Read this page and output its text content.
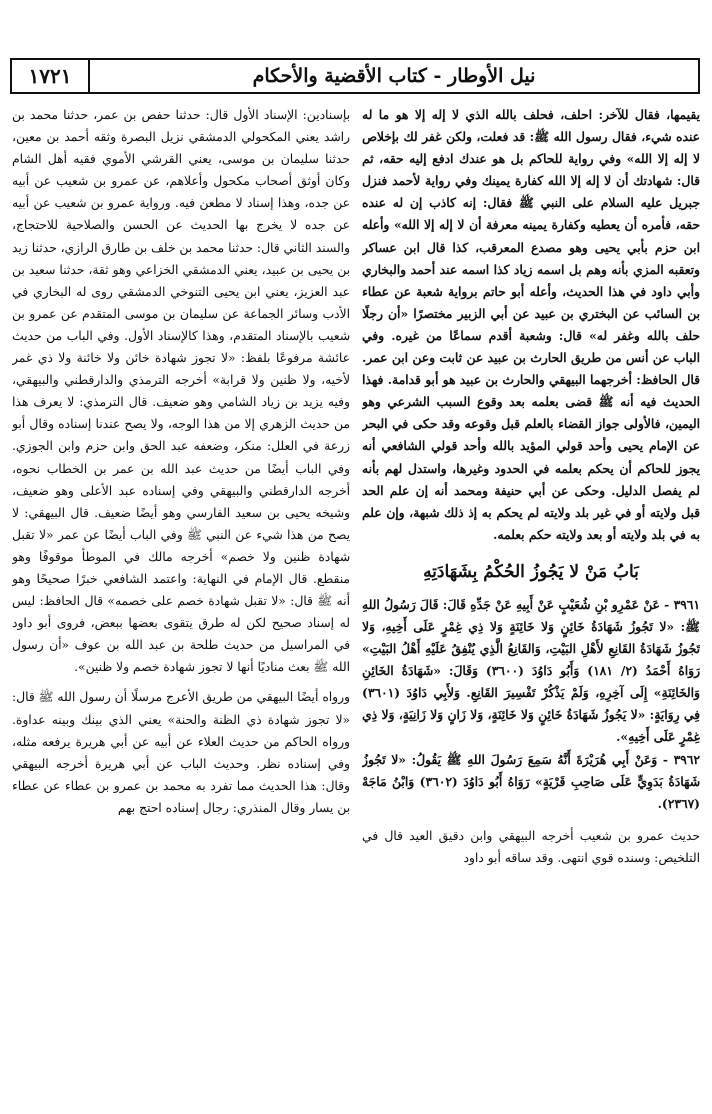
١٧٢١	نيل الأوطار - كتاب الأقضية والأحكام

يقيمها، فقال للآخر: احلف، فحلف بالله الذي لا إله إلا هو ما له عنده شيء، فقال رسول الله ﷺ: قد فعلت، ولكن غفر لك بإخلاص لا إله إلا الله» وفي رواية للحاكم بل هو عندك ادفع إليه حقه، ثم قال: شهادتك أن لا إله إلا الله كفارة يمينك وفي رواية لأحمد فنزل جبريل عليه السلام على النبي ﷺ فقال: إنه كاذب إن له عنده حقه، فأمره أن يعطيه وكفارة يمينه معرفة أن لا إله إلا الله» وأعله ابن حزم بأبي يحيى وهو مصدع المعرقب، كذا قال ابن عساكر وتعقبه المزي بأنه وهم بل اسمه زياد كذا اسمه عند أحمد والبخاري وأبي داود في هذا الحديث، وأعله أبو حاتم برواية شعبة عن عطاء بن السائب عن البختري بن عبيد عن أبي الزبير مختصرًا «أن رجلًا حلف بالله وغفر له» قال: وشعبة أقدم سماعًا من غيره. وفي الباب عن أنس من طريق الحارث بن عبيد عن ثابت وعن ابن عمر. قال الحافظ: أخرجهما البيهقي والحارث بن عبيد هو أبو قدامة. فهذا الحديث فيه أنه ﷺ قضى بعلمه بعد وقوع السبب الشرعي وهو اليمين، فالأولى جواز القضاء بالعلم قبل وقوعه وقد حكى في البحر عن الإمام يحيى وأحد قولي المؤيد بالله وأحد قولي الشافعي أنه يجوز للحاكم أن يحكم بعلمه في الحدود وغيرها، واستدل لهم بأنه لم يفصل الدليل. وحكى عن أبي حنيفة ومحمد أنه إن علم الحد قبل ولايته أو في غير بلد ولايته لم يحكم به إذ ذلك شبهة، وإن علم به في بلد ولايته أو بعد ولايته حكم بعلمه.

بَابُ مَنْ لا يَجُوزُ الحُكْمُ بِشَهَادَتِهِ

٣٩٦١ - عَنْ عَمْرِو بْنِ شُعَيْبٍ عَنْ أَبِيهِ عَنْ جَدِّهِ قَالَ: قَالَ رَسُولُ اللهِ ﷺ: «لا تَجُوزُ شَهَادَةُ خَائِنٍ وَلا خَائِنَةٍ وَلا ذِي غِمْرٍ عَلَى أَخِيهِ، وَلا تَجُوزُ شَهَادَةُ القَانِعِ لأَهْلِ البَيْتِ، وَالقَانِعُ الَّذِي يُنْفِقُ عَلَيْهِ أَهْلُ البَيْتِ» رَوَاهُ أَحْمَدُ (٢/ ١٨١) وَأَبُو دَاوُدَ (٣٦٠٠) وَقَالَ: «شَهَادَةُ الخَائِنِ وَالخَائِنَةِ» إِلَى آخِرِهِ، وَلَمْ يَذْكُرْ تَفْسِيرَ القَانِعِ. وَلأَبِي دَاوُدَ (٣٦٠١) فِي رِوَايَةٍ: «لا يَجُوزُ شَهَادَةُ خَائِنٍ وَلا خَائِنَةٍ، وَلا زَانٍ وَلا زَانِيَةٍ، وَلا ذِي غِمْرٍ عَلَى أَخِيهِ».

٣٩٦٢ - وَعَنْ أَبِي هُرَيْرَةَ أَنَّهُ سَمِعَ رَسُولَ اللهِ ﷺ يَقُولُ: «لا تَجُوزُ شَهَادَةُ بَدَوِيٍّ عَلَى صَاحِبِ قَرْيَةٍ» رَوَاهُ أَبُو دَاوُدَ (٣٦٠٢) وَابْنُ مَاجَهْ (٢٣٦٧).

حديث عمرو بن شعيب أخرجه البيهقي وابن دقيق العيد قال في التلخيص: وسنده قوي انتهى. وقد ساقه أبو داود

بإسنادين: الإسناد الأول قال: حدثنا حفص بن عمر، حدثنا محمد بن راشد يعني المكحولي الدمشقي نزيل البصرة وثقه أحمد بن معين، حدثنا سليمان بن موسى، يعني القرشي الأموي فقيه أهل الشام وكان أوثق أصحاب مكحول وأعلاهم، عن عمرو بن شعيب عن أبيه عن جده، وهذا إسناد لا مطعن فيه. ورواية عمرو بن شعيب عن أبيه عن جده لا يخرج بها الحديث عن الحسن والصلاحية للاحتجاج، والسند الثاني قال: حدثنا محمد بن خلف بن طارق الرازي، حدثنا زيد بن يحيى بن عبيد، يعني الدمشقي الخزاعي وهو ثقة، حدثنا سعيد بن عبد العزيز، يعني ابن يحيى التنوخي الدمشقي روى له البخاري في الأدب وسائر الجماعة عن سليمان بن موسى المتقدم عن عمرو بن شعيب بالإسناد المتقدم، وهذا كالإسناد الأول. وفي الباب من حديث عائشة مرفوعًا بلفظ: «لا تجوز شهادة خائن ولا خائنة ولا ذي غمر لأخيه، ولا ظنين ولا قرابة» أخرجه الترمذي والدارقطني والبيهقي، وفيه يزيد بن زياد الشامي وهو ضعيف. قال الترمذي: لا يعرف هذا من حديث الزهري إلا من هذا الوجه، ولا يصح عندنا إسناده وقال أبو زرعة في العلل: منكر، وضعفه عبد الحق وابن حزم وابن الجوزي. وفي الباب أيضًا من حديث عبد الله بن عمر بن الخطاب نحوه، أخرجه الدارقطني والبيهقي وفي إسناده عبد الأعلى وهو ضعيف، وشيخه يحيى بن سعيد الفارسي وهو أيضًا ضعيف. قال البيهقي: لا يصح من هذا شيء عن النبي ﷺ وفي الباب أيضًا عن عمر «لا تقبل شهادة ظنين ولا خصم» أخرجه مالك في الموطأ موقوفًا وهو منقطع. قال الإمام في النهاية: واعتمد الشافعي خبرًا صحيحًا وهو أنه ﷺ قال: «لا تقبل شهادة خصم على خصمه» قال الحافظ: ليس له إسناد صحيح لكن له طرق يتقوى بعضها ببعض، فروى أبو داود في المراسيل من حديث طلحة بن عبد الله بن عوف «أن رسول الله ﷺ بعث مناديًا أنها لا تجوز شهادة خصم ولا ظنين».

ورواه أيضًا البيهقي من طريق الأعرج مرسلًا أن رسول الله ﷺ قال: «لا تجوز شهادة ذي الظنة والحنة» يعني الذي بينك وبينه عداوة. ورواه الحاكم من حديث العلاء عن أبيه عن أبي هريرة يرفعه مثله، وفي إسناده نظر. وحديث الباب عن أبي هريرة أخرجه البيهقي وقال: هذا الحديث مما تفرد به محمد بن عمرو بن عطاء عن عطاء بن يسار وقال المنذري: رجال إسناده احتج بهم
